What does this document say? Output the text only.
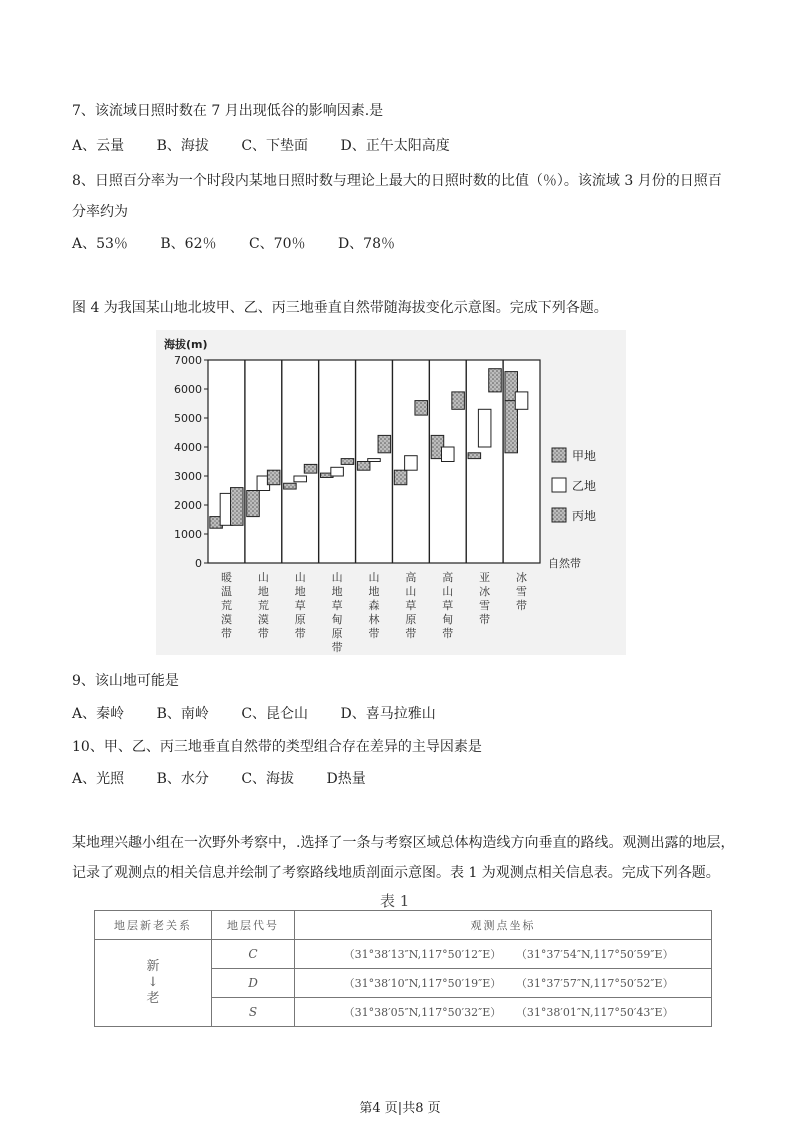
7、该流域日照时数在 7 月出现低谷的影响因素.是
A、云量 B、海拔 C、下垫面 D、正午太阳高度
8、日照百分率为一个时段内某地日照时数与理论上最大的日照时数的比值（％）。该流域 3 月份的日照百
分率约为
A、53％ B、62％ C、70％ D、78％
图 4 为我国某山地北坡甲、乙、丙三地垂直自然带随海拔变化示意图。完成下列各题。
0
1000
2000
3000
4000
5000
6000
7000
海拔(m)
自然带
暖温荒漠带
山地荒漠带
山地草原带
山地草甸原带
山地森林带
高山草原带
高山草甸带
亚冰雪带
冰雪带
甲地
乙地
丙地
9、该山地可能是
A、秦岭 B、南岭 C、昆仑山 D、喜马拉雅山
10、甲、乙、丙三地垂直自然带的类型组合存在差异的主导因素是
A、光照 B、水分 C、海拔 D热量
某地理兴趣小组在一次野外考察中，.选择了一条与考察区域总体构造线方向垂直的路线。观测出露的地层，
记录了观测点的相关信息并绘制了考察路线地质剖面示意图。表 1 为观测点相关信息表。完成下列各题。
表 1
地层新老关系	地层代号	观测点坐标

新
↓
老	C	（31°38′13″N,117°50′12″E） （31°37′54″N,117°50′59″E）
	D	（31°38′10″N,117°50′19″E） （31°37′57″N,117°50′52″E）
	S	（31°38′05″N,117°50′32″E） （31°38′01″N,117°50′43″E）
第4 页|共8 页
